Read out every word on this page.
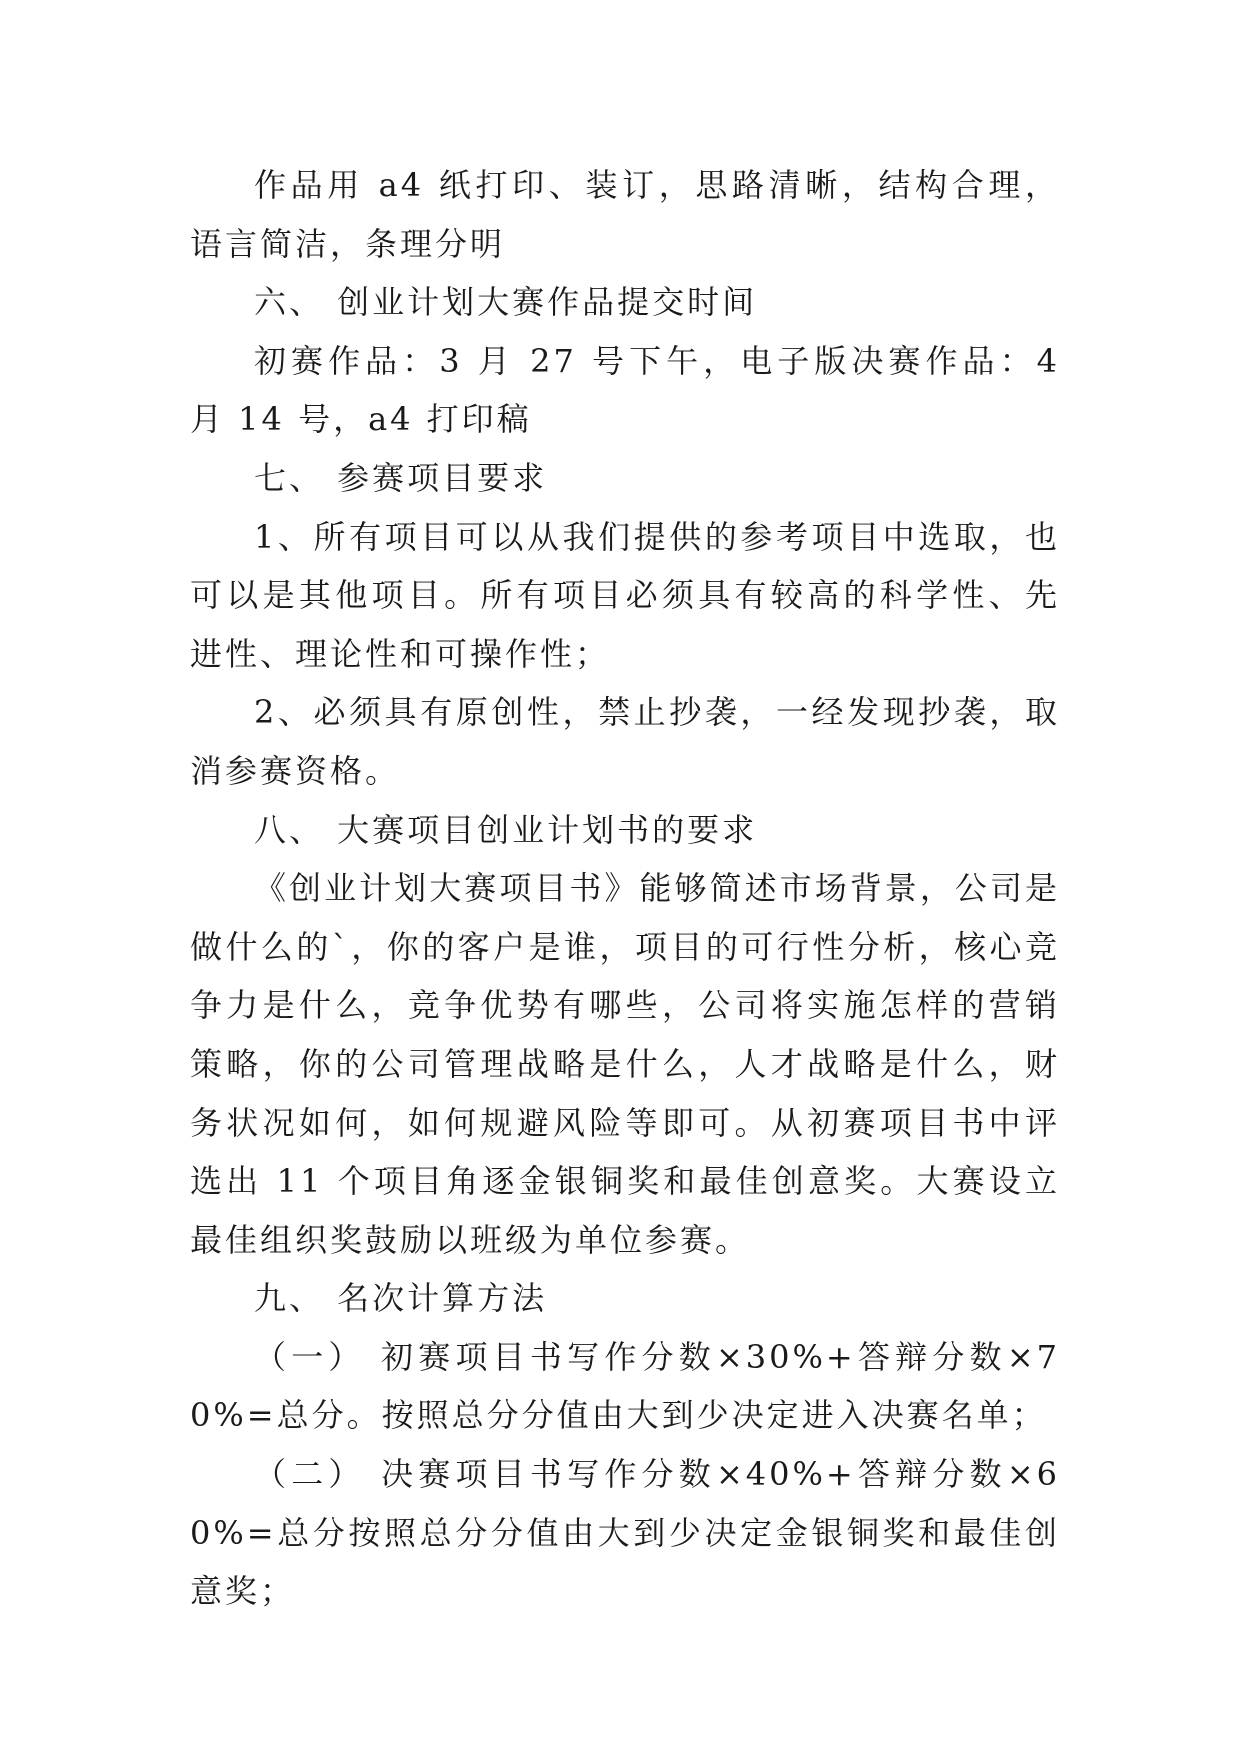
作品用 a4 纸打印、装订，思路清晰，结构合理，语言简洁，条理分明

六、 创业计划大赛作品提交时间

初赛作品：3 月 27 号下午，电子版决赛作品：4 月 14 号，a4 打印稿

七、 参赛项目要求

1、所有项目可以从我们提供的参考项目中选取，也可以是其他项目。所有项目必须具有较高的科学性、先进性、理论性和可操作性；

2、必须具有原创性，禁止抄袭，一经发现抄袭，取消参赛资格。

八、 大赛项目创业计划书的要求

《创业计划大赛项目书》能够简述市场背景，公司是做什么的`，你的客户是谁，项目的可行性分析，核心竞争力是什么，竞争优势有哪些，公司将实施怎样的营销策略，你的公司管理战略是什么，人才战略是什么，财务状况如何，如何规避风险等即可。从初赛项目书中评选出 11 个项目角逐金银铜奖和最佳创意奖。大赛设立最佳组织奖鼓励以班级为单位参赛。

九、 名次计算方法

（一） 初赛项目书写作分数×30%+答辩分数×70%=总分。按照总分分值由大到少决定进入决赛名单；

（二） 决赛项目书写作分数×40%+答辩分数×60%=总分按照总分分值由大到少决定金银铜奖和最佳创意奖；
